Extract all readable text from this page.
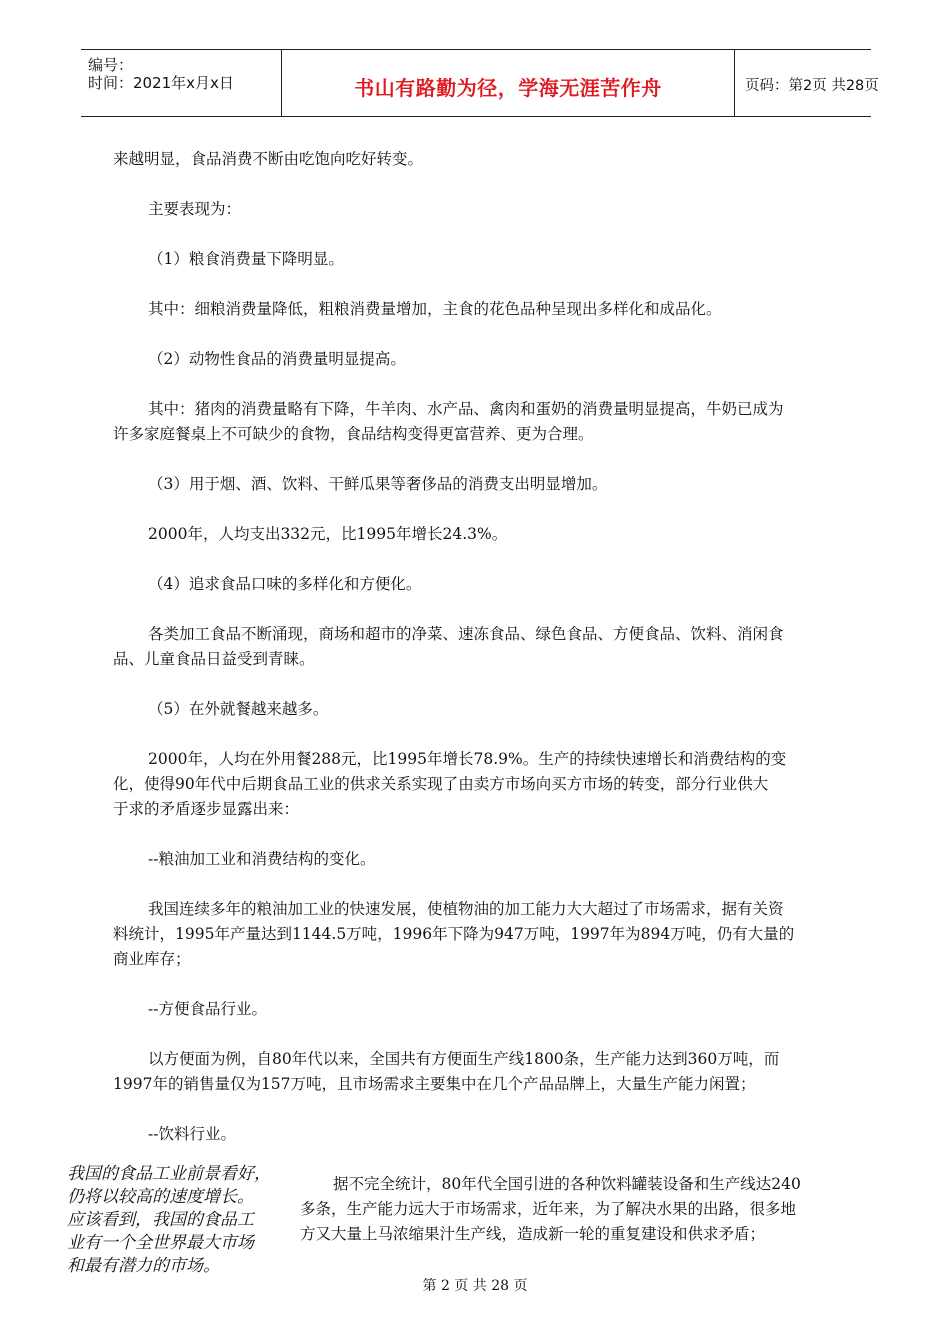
编号：
时间：2021年x月x日	书山有路勤为径，学海无涯苦作舟	页码：第2页 共28页
来越明显，食品消费不断由吃饱向吃好转变。
主要表现为：
（1）粮食消费量下降明显。
其中：细粮消费量降低，粗粮消费量增加，主食的花色品种呈现出多样化和成品化。
（2）动物性食品的消费量明显提高。
其中：猪肉的消费量略有下降，牛羊肉、水产品、禽肉和蛋奶的消费量明显提高，牛奶已成为
许多家庭餐桌上不可缺少的食物，食品结构变得更富营养、更为合理。
（3）用于烟、酒、饮料、干鲜瓜果等奢侈品的消费支出明显增加。
2000年，人均支出332元，比1995年增长24.3%。
（4）追求食品口味的多样化和方便化。
各类加工食品不断涌现，商场和超市的净菜、速冻食品、绿色食品、方便食品、饮料、消闲食
品、儿童食品日益受到青睐。
（5）在外就餐越来越多。
2000年，人均在外用餐288元，比1995年增长78.9%。生产的持续快速增长和消费结构的变
化，使得90年代中后期食品工业的供求关系实现了由卖方市场向买方市场的转变，部分行业供大
于求的矛盾逐步显露出来：
--粮油加工业和消费结构的变化。
我国连续多年的粮油加工业的快速发展，使植物油的加工能力大大超过了市场需求，据有关资
料统计，1995年产量达到1144.5万吨，1996年下降为947万吨，1997年为894万吨，仍有大量的
商业库存；
--方便食品行业。
以方便面为例，自80年代以来，全国共有方便面生产线1800条，生产能力达到360万吨，而
1997年的销售量仅为157万吨，且市场需求主要集中在几个产品品牌上，大量生产能力闲置；
--饮料行业。
据不完全统计，80年代全国引进的各种饮料罐装设备和生产线达240
多条，生产能力远大于市场需求，近年来，为了解决水果的出路，很多地
方又大量上马浓缩果汁生产线，造成新一轮的重复建设和供求矛盾；
我国的食品工业前景看好，
仍将以较高的速度增长。
应该看到，我国的食品工
业有一个全世界最大市场
和最有潜力的市场。
第 2 页 共 28 页
